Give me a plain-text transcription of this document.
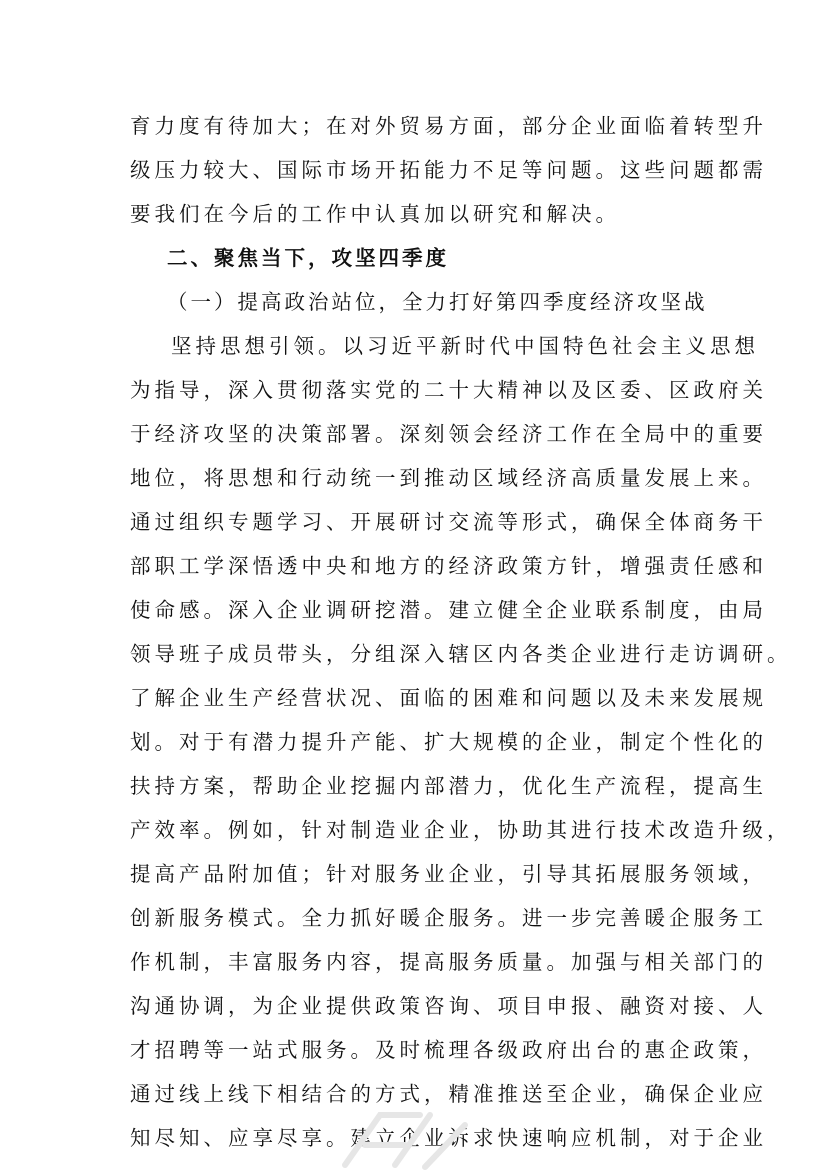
育力度有待加大；在对外贸易方面，部分企业面临着转型升
级压力较大、国际市场开拓能力不足等问题。这些问题都需
要我们在今后的工作中认真加以研究和解决。
二、聚焦当下，攻坚四季度
（一）提高政治站位，全力打好第四季度经济攻坚战
坚持思想引领。以习近平新时代中国特色社会主义思想
为指导，深入贯彻落实党的二十大精神以及区委、区政府关
于经济攻坚的决策部署。深刻领会经济工作在全局中的重要
地位，将思想和行动统一到推动区域经济高质量发展上来。
通过组织专题学习、开展研讨交流等形式，确保全体商务干
部职工学深悟透中央和地方的经济政策方针，增强责任感和
使命感。深入企业调研挖潜。建立健全企业联系制度，由局
领导班子成员带头，分组深入辖区内各类企业进行走访调研。
了解企业生产经营状况、面临的困难和问题以及未来发展规
划。对于有潜力提升产能、扩大规模的企业，制定个性化的
扶持方案，帮助企业挖掘内部潜力，优化生产流程，提高生
产效率。例如，针对制造业企业，协助其进行技术改造升级，
提高产品附加值；针对服务业企业，引导其拓展服务领域，
创新服务模式。全力抓好暖企服务。进一步完善暖企服务工
作机制，丰富服务内容，提高服务质量。加强与相关部门的
沟通协调，为企业提供政策咨询、项目申报、融资对接、人
才招聘等一站式服务。及时梳理各级政府出台的惠企政策，
通过线上线下相结合的方式，精准推送至企业，确保企业应
知尽知、应享尽享。建立企业诉求快速响应机制，对于企业
